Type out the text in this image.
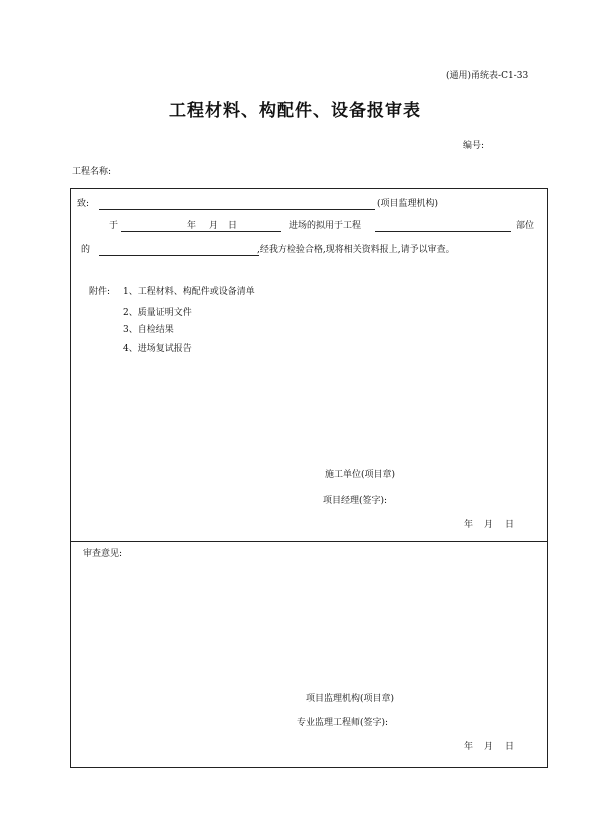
(通用)甬统表-C1-33
工程材料、构配件、设备报审表
编号:
工程名称:
致:	(项目监理机构)
于	年 月 日	进场的拟用于工程	部位
的	,经我方检验合格,现将相关资料报上,请予以审查。
附件: 1、工程材料、构配件或设备清单
2、质量证明文件
3、自检结果
4、进场复试报告
施工单位(项目章)
项目经理(签字):
年 月 日
审查意见:
项目监理机构(项目章)
专业监理工程师(签字):
年 月 日
